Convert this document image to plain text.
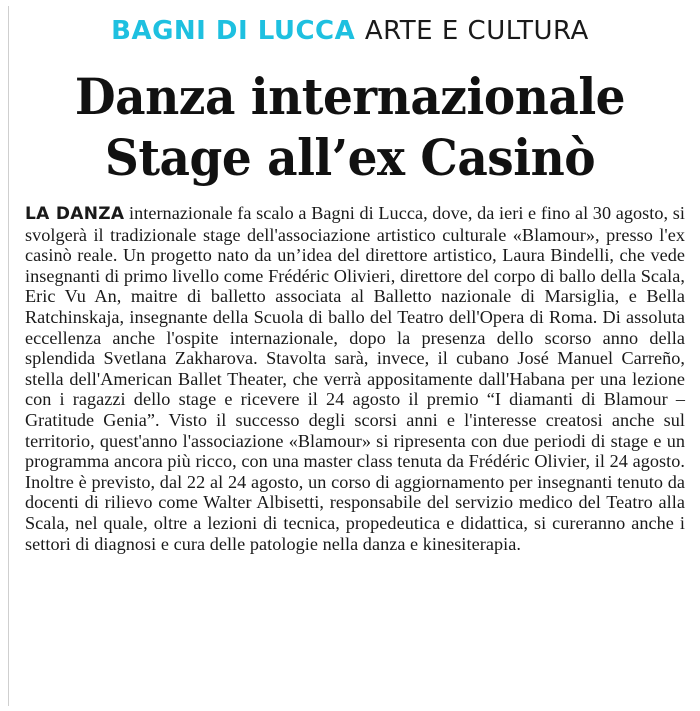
BAGNI DI LUCCA ARTE E CULTURA
Danza internazionale
Stage all’ex Casinò
LA DANZA internazionale fa scalo a Bagni di Lucca, dove, da ieri e fino al 30 agosto, si svolgerà il tradizionale stage dell'associazione artistico culturale «Blamour», presso l'ex casinò reale. Un progetto nato da un’idea del direttore artistico, Laura Bindelli, che vede insegnanti di primo livello come Frédéric Olivieri, direttore del corpo di ballo della Scala, Eric Vu An, maitre di balletto associata al Balletto nazionale di Marsiglia, e Bella Ratchinskaja, insegnante della Scuola di ballo del Teatro dell'Opera di Roma. Di assoluta eccellenza anche l'ospite internazionale, dopo la presenza dello scorso anno della splendida Svetlana Zakharova. Stavolta sarà, invece, il cubano José Manuel Carreño, stella dell'American Ballet Theater, che verrà appositamente dall'Habana per una lezione con i ragazzi dello stage e ricevere il 24 agosto il premio “I diamanti di Blamour – Gratitude Genia”. Visto il successo degli scorsi anni e l'interesse creatosi anche sul territorio, quest'anno l'associazione «Blamour» si ripresenta con due periodi di stage e un programma ancora più ricco, con una master class tenuta da Frédéric Olivier, il 24 agosto. Inoltre è previsto, dal 22 al 24 agosto, un corso di aggiornamento per insegnanti tenuto da docenti di rilievo come Walter Albisetti, responsabile del servizio medico del Teatro alla Scala, nel quale, oltre a lezioni di tecnica, propedeutica e didattica, si cureranno anche i settori di diagnosi e cura delle patologie nella danza e kinesiterapia.
